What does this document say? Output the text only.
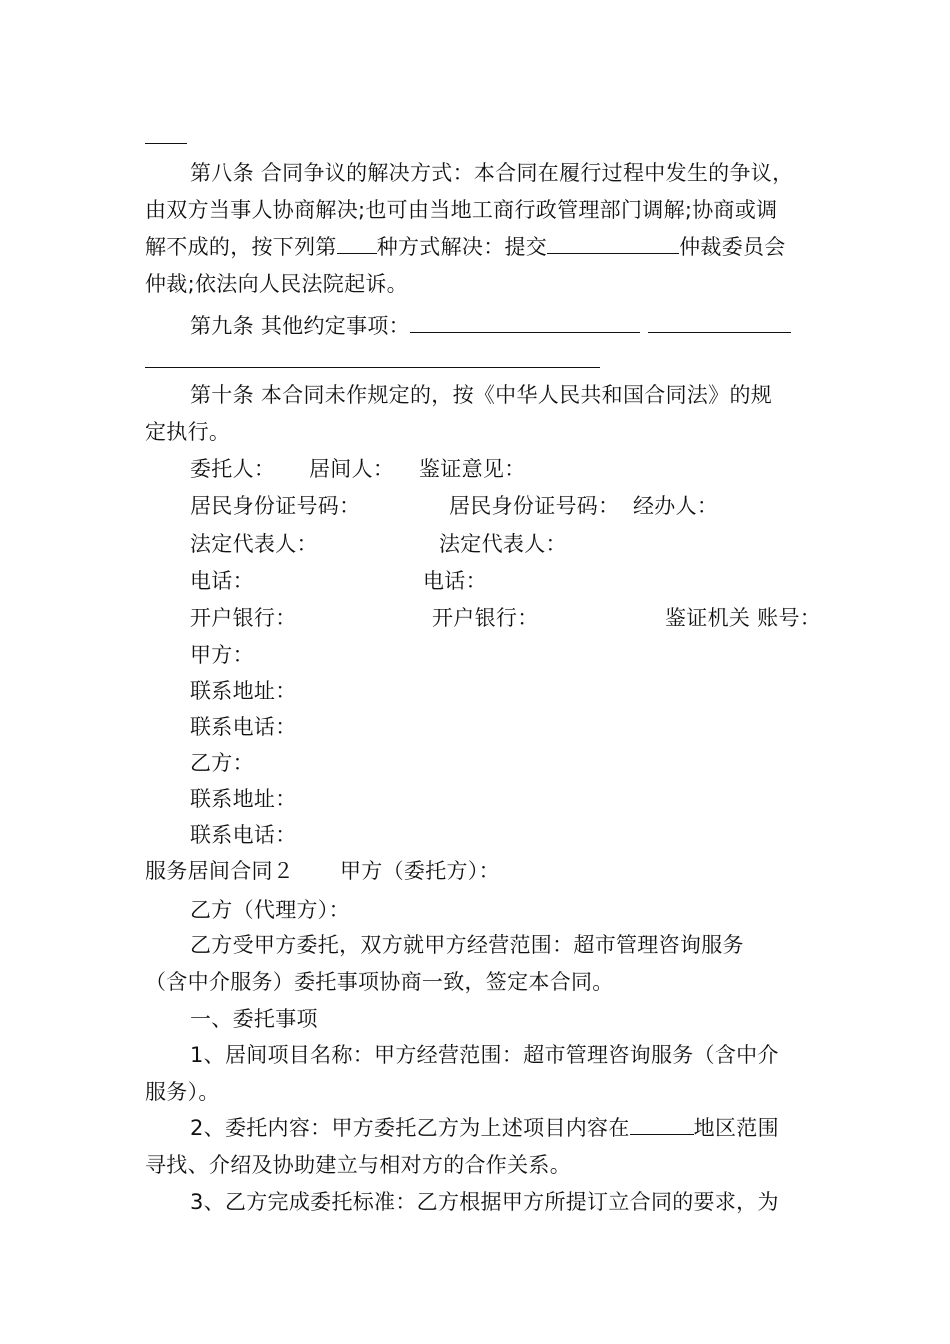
第八条 合同争议的解决方式：本合同在履行过程中发生的争议，
由双方当事人协商解决;也可由当地工商行政管理部门调解;协商或调
解不成的，按下列第 种方式解决：提交	仲裁委员会
仲裁;依法向人民法院起诉。
第九条 其他约定事项：
第十条 本合同未作规定的，按《中华人民共和国合同法》的规
定执行。
委托人： 居间人： 鉴证意见：
居民身份证号码：	居民身份证号码： 经办人：
法定代表人：	法定代表人：
电话：	电话：
开户银行：	开户银行：	鉴证机关 账号：
甲方：
联系地址：
联系电话：
乙方：
联系地址：
联系电话：
服务居间合同２ 甲方（委托方）：
乙方（代理方）：
乙方受甲方委托，双方就甲方经营范围：超市管理咨询服务
（含中介服务）委托事项协商一致，签定本合同。
一、委托事项
1、居间项目名称：甲方经营范围：超市管理咨询服务（含中介
服务）。
2、委托内容：甲方委托乙方为上述项目内容在	地区范围
寻找、介绍及协助建立与相对方的合作关系。
3、乙方完成委托标准：乙方根据甲方所提订立合同的要求，为
